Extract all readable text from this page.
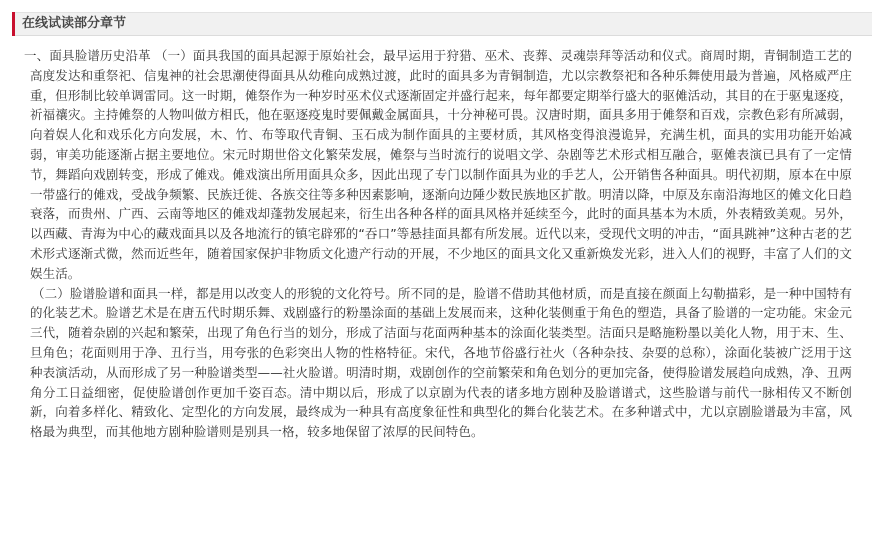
在线试读部分章节

一、面具脸谱历史沿革 （一）面具我国的面具起源于原始社会，最早运用于狩猎、巫术、丧葬、灵魂崇拜等活动和仪式。商周时期，青铜制造工艺的高度发达和重祭祀、信鬼神的社会思潮使得面具从幼稚向成熟过渡，此时的面具多为青铜制造，尤以宗教祭祀和各种乐舞使用最为普遍，风格威严庄重，但形制比较单调雷同。这一时期，傩祭作为一种岁时巫术仪式逐渐固定并盛行起来，每年都要定期举行盛大的驱傩活动，其目的在于驱鬼逐疫，祈福禳灾。主持傩祭的人物叫做方相氏，他在驱逐疫鬼时要佩戴金属面具，十分神秘可畏。汉唐时期，面具多用于傩祭和百戏，宗教色彩有所减弱，向着娱人化和戏乐化方向发展，木、竹、布等取代青铜、玉石成为制作面具的主要材质，其风格变得浪漫诡异，充满生机，面具的实用功能开始减弱，审美功能逐渐占据主要地位。宋元时期世俗文化繁荣发展，傩祭与当时流行的说唱文学、杂剧等艺术形式相互融合，驱傩表演已具有了一定情节，舞蹈向戏剧转变，形成了傩戏。傩戏演出所用面具众多，因此出现了专门以制作面具为业的手艺人，公开销售各种面具。明代初期，原本在中原一带盛行的傩戏，受战争频繁、民族迁徙、各族交往等多种因素影响，逐渐向边陲少数民族地区扩散。明清以降，中原及东南沿海地区的傩文化日趋衰落，而贵州、广西、云南等地区的傩戏却蓬勃发展起来，衍生出各种各样的面具风格并延续至今，此时的面具基本为木质，外表精致美观。另外，以西藏、青海为中心的藏戏面具以及各地流行的镇宅辟邪的“吞口”等悬挂面具都有所发展。近代以来，受现代文明的冲击，“面具跳神”这种古老的艺术形式逐渐式微，然而近些年，随着国家保护非物质文化遗产行动的开展，不少地区的面具文化又重新焕发光彩，进入人们的视野，丰富了人们的文娱生活。

（二）脸谱脸谱和面具一样，都是用以改变人的形貌的文化符号。所不同的是，脸谱不借助其他材质，而是直接在颜面上勾勒描彩，是一种中国特有的化装艺术。脸谱艺术是在唐五代时期乐舞、戏剧盛行的粉墨涂面的基础上发展而来，这种化装侧重于角色的塑造，具备了脸谱的一定功能。宋金元三代，随着杂剧的兴起和繁荣，出现了角色行当的划分，形成了洁面与花面两种基本的涂面化装类型。洁面只是略施粉墨以美化人物，用于末、生、旦角色；花面则用于净、丑行当，用夸张的色彩突出人物的性格特征。宋代，各地节俗盛行社火（各种杂技、杂耍的总称），涂面化装被广泛用于这种表演活动，从而形成了另一种脸谱类型——社火脸谱。明清时期，戏剧创作的空前繁荣和角色划分的更加完备，使得脸谱发展趋向成熟，净、丑两角分工日益细密，促使脸谱创作更加千姿百态。清中期以后，形成了以京剧为代表的诸多地方剧种及脸谱谱式，这些脸谱与前代一脉相传又不断创新，向着多样化、精致化、定型化的方向发展，最终成为一种具有高度象征性和典型化的舞台化装艺术。在多种谱式中，尤以京剧脸谱最为丰富，风格最为典型，而其他地方剧种脸谱则是别具一格，较多地保留了浓厚的民间特色。
